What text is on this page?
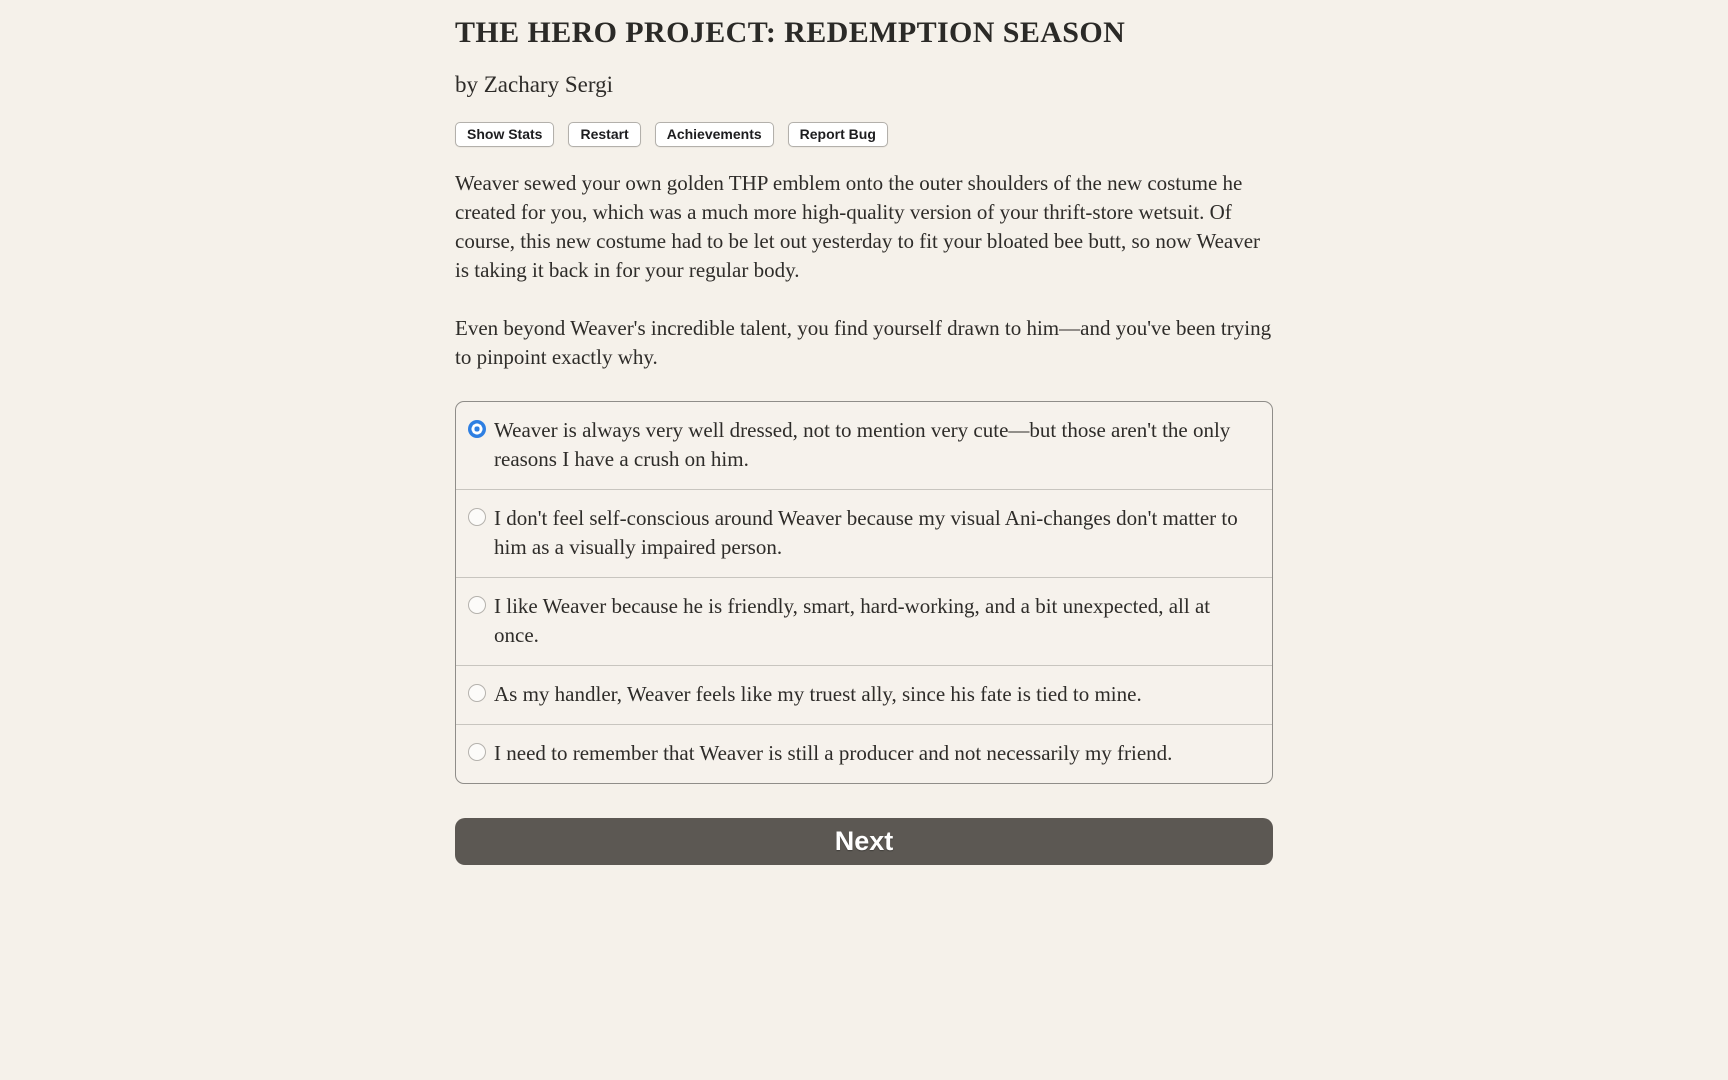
THE HERO PROJECT: REDEMPTION SEASON
by Zachary Sergi
Show Stats	Restart	Achievements	Report Bug

Weaver sewed your own golden THP emblem onto the outer shoulders of the new costume he created for you, which was a much more high-quality version of your thrift-store wetsuit. Of course, this new costume had to be let out yesterday to fit your bloated bee butt, so now Weaver is taking it back in for your regular body.

Even beyond Weaver's incredible talent, you find yourself drawn to him—and you've been trying to pinpoint exactly why.

Weaver is always very well dressed, not to mention very cute—but those aren't the only reasons I have a crush on him.
I don't feel self-conscious around Weaver because my visual Ani-changes don't matter to him as a visually impaired person.
I like Weaver because he is friendly, smart, hard-working, and a bit unexpected, all at once.
As my handler, Weaver feels like my truest ally, since his fate is tied to mine.
I need to remember that Weaver is still a producer and not necessarily my friend.
Next
